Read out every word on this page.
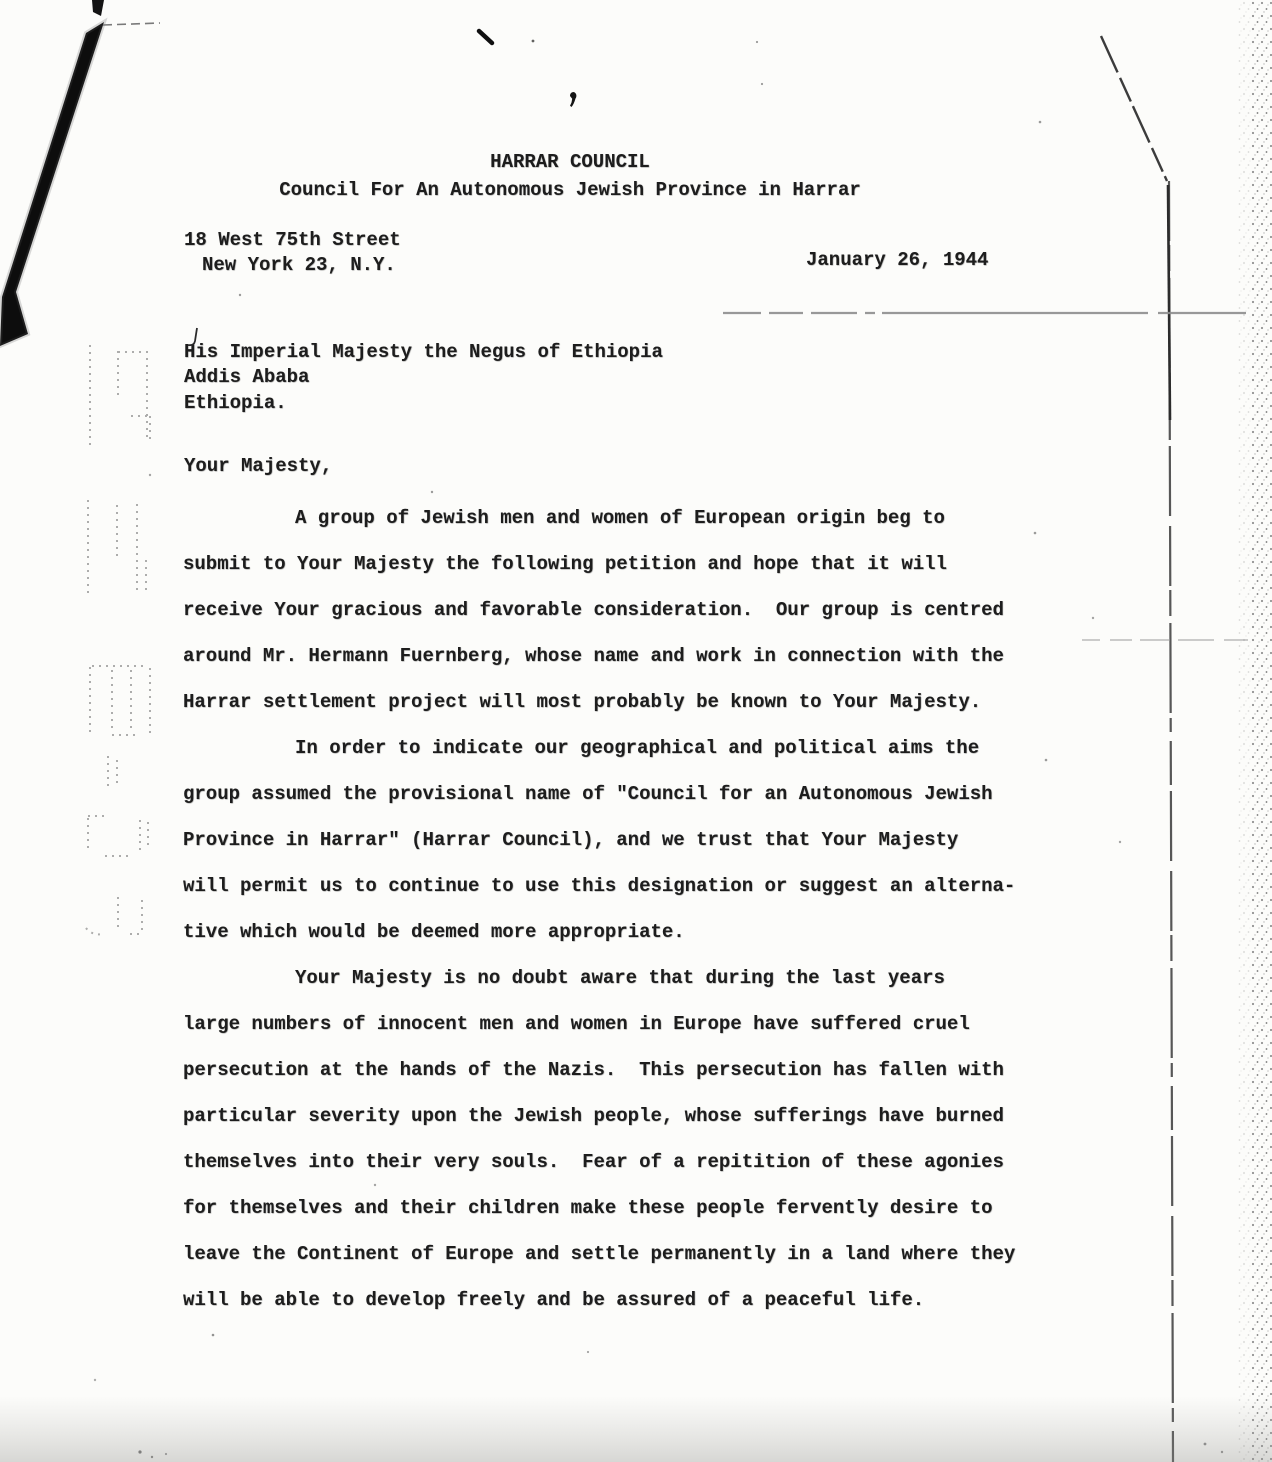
HARRAR COUNCIL
Council For An Autonomous Jewish Province in Harrar
18 West 75th Street
New York 23, N.Y.	January 26, 1944
His Imperial Majesty the Negus of Ethiopia
Addis Ababa
Ethiopia.
Your Majesty,
A group of Jewish men and women of European origin beg to
submit to Your Majesty the following petition and hope that it will
receive Your gracious and favorable consideration.  Our group is centred
around Mr. Hermann Fuernberg, whose name and work in connection with the
Harrar settlement project will most probably be known to Your Majesty.
In order to indicate our geographical and political aims the
group assumed the provisional name of "Council for an Autonomous Jewish
Province in Harrar" (Harrar Council), and we trust that Your Majesty
will permit us to continue to use this designation or suggest an alterna-
tive which would be deemed more appropriate.
Your Majesty is no doubt aware that during the last years
large numbers of innocent men and women in Europe have suffered cruel
persecution at the hands of the Nazis.  This persecution has fallen with
particular severity upon the Jewish people, whose sufferings have burned
themselves into their very souls.  Fear of a repitition of these agonies
for themselves and their children make these people fervently desire to
leave the Continent of Europe and settle permanently in a land where they
will be able to develop freely and be assured of a peaceful life.
